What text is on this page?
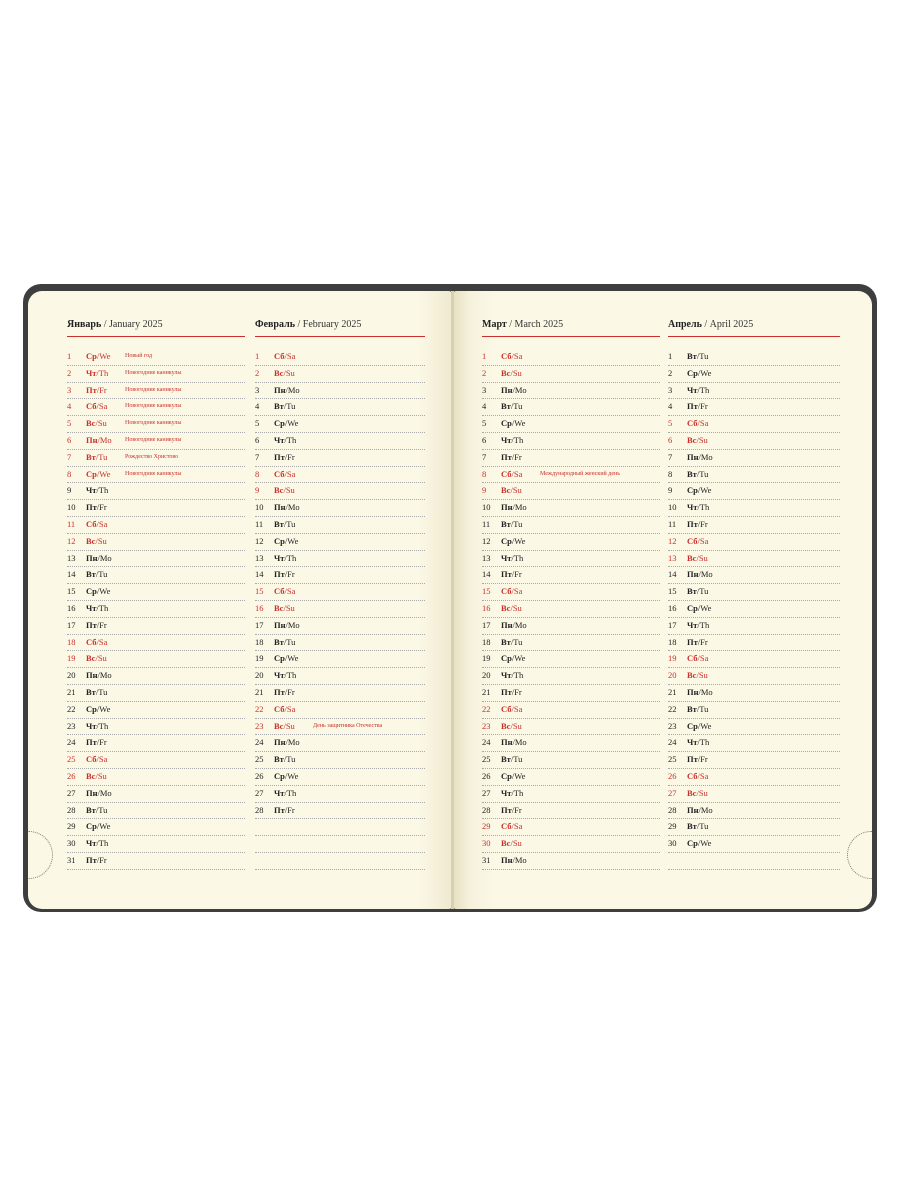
Январь / January 2025
1	Ср/We Новый год
2	Чт/Th	Новогодние каникулы
3	Пт/Fr	Новогодние каникулы
4	Сб/Sa	Новогодние каникулы
5	Вс/Su	Новогодние каникулы
6	Пн/Mo Новогодние каникулы
7	Вт/Tu	Рождество Христово
8	Ср/We Новогодние каникулы
9	Чт/Th
10	Пт/Fr
11	Сб/Sa
12	Вс/Su
13	Пн/Mo
14	Вт/Tu
15	Ср/We
16	Чт/Th
17	Пт/Fr
18	Сб/Sa
19	Вс/Su
20	Пн/Mo
21	Вт/Tu
22	Ср/We
23	Чт/Th
24	Пт/Fr
25	Сб/Sa
26	Вс/Su
27	Пн/Mo
28	Вт/Tu
29	Ср/We
30	Чт/Th
31	Пт/Fr
Февраль / February 2025
1	Сб/Sa
2	Вс/Su
3	Пн/Mo
4	Вт/Tu
5	Ср/We
6	Чт/Th
7	Пт/Fr
8	Сб/Sa
9	Вс/Su
10	Пн/Mo
11	Вт/Tu
12	Ср/We
13	Чт/Th
14	Пт/Fr
15	Сб/Sa
16	Вс/Su
17	Пн/Mo
18	Вт/Tu
19	Ср/We
20	Чт/Th
21	Пт/Fr
22	Сб/Sa
23	Вс/Su	День защитника Отечества
24	Пн/Mo
25	Вт/Tu
26	Ср/We
27	Чт/Th
28	Пт/Fr
Март / March 2025
1	Сб/Sa
2	Вс/Su
3	Пн/Mo
4	Вт/Tu
5	Ср/We
6	Чт/Th
7	Пт/Fr
8	Сб/Sa	Международный женский день
9	Вс/Su
10	Пн/Mo
11	Вт/Tu
12	Ср/We
13	Чт/Th
14	Пт/Fr
15	Сб/Sa
16	Вс/Su
17	Пн/Mo
18	Вт/Tu
19	Ср/We
20	Чт/Th
21	Пт/Fr
22	Сб/Sa
23	Вс/Su
24	Пн/Mo
25	Вт/Tu
26	Ср/We
27	Чт/Th
28	Пт/Fr
29	Сб/Sa
30	Вс/Su
31	Пн/Mo
Апрель / April 2025
1	Вт/Tu
2	Ср/We
3	Чт/Th
4	Пт/Fr
5	Сб/Sa
6	Вс/Su
7	Пн/Mo
8	Вт/Tu
9	Ср/We
10	Чт/Th
11	Пт/Fr
12	Сб/Sa
13	Вс/Su
14	Пн/Mo
15	Вт/Tu
16	Ср/We
17	Чт/Th
18	Пт/Fr
19	Сб/Sa
20	Вс/Su
21	Пн/Mo
22	Вт/Tu
23	Ср/We
24	Чт/Th
25	Пт/Fr
26	Сб/Sa
27	Вс/Su
28	Пн/Mo
29	Вт/Tu
30	Ср/We
